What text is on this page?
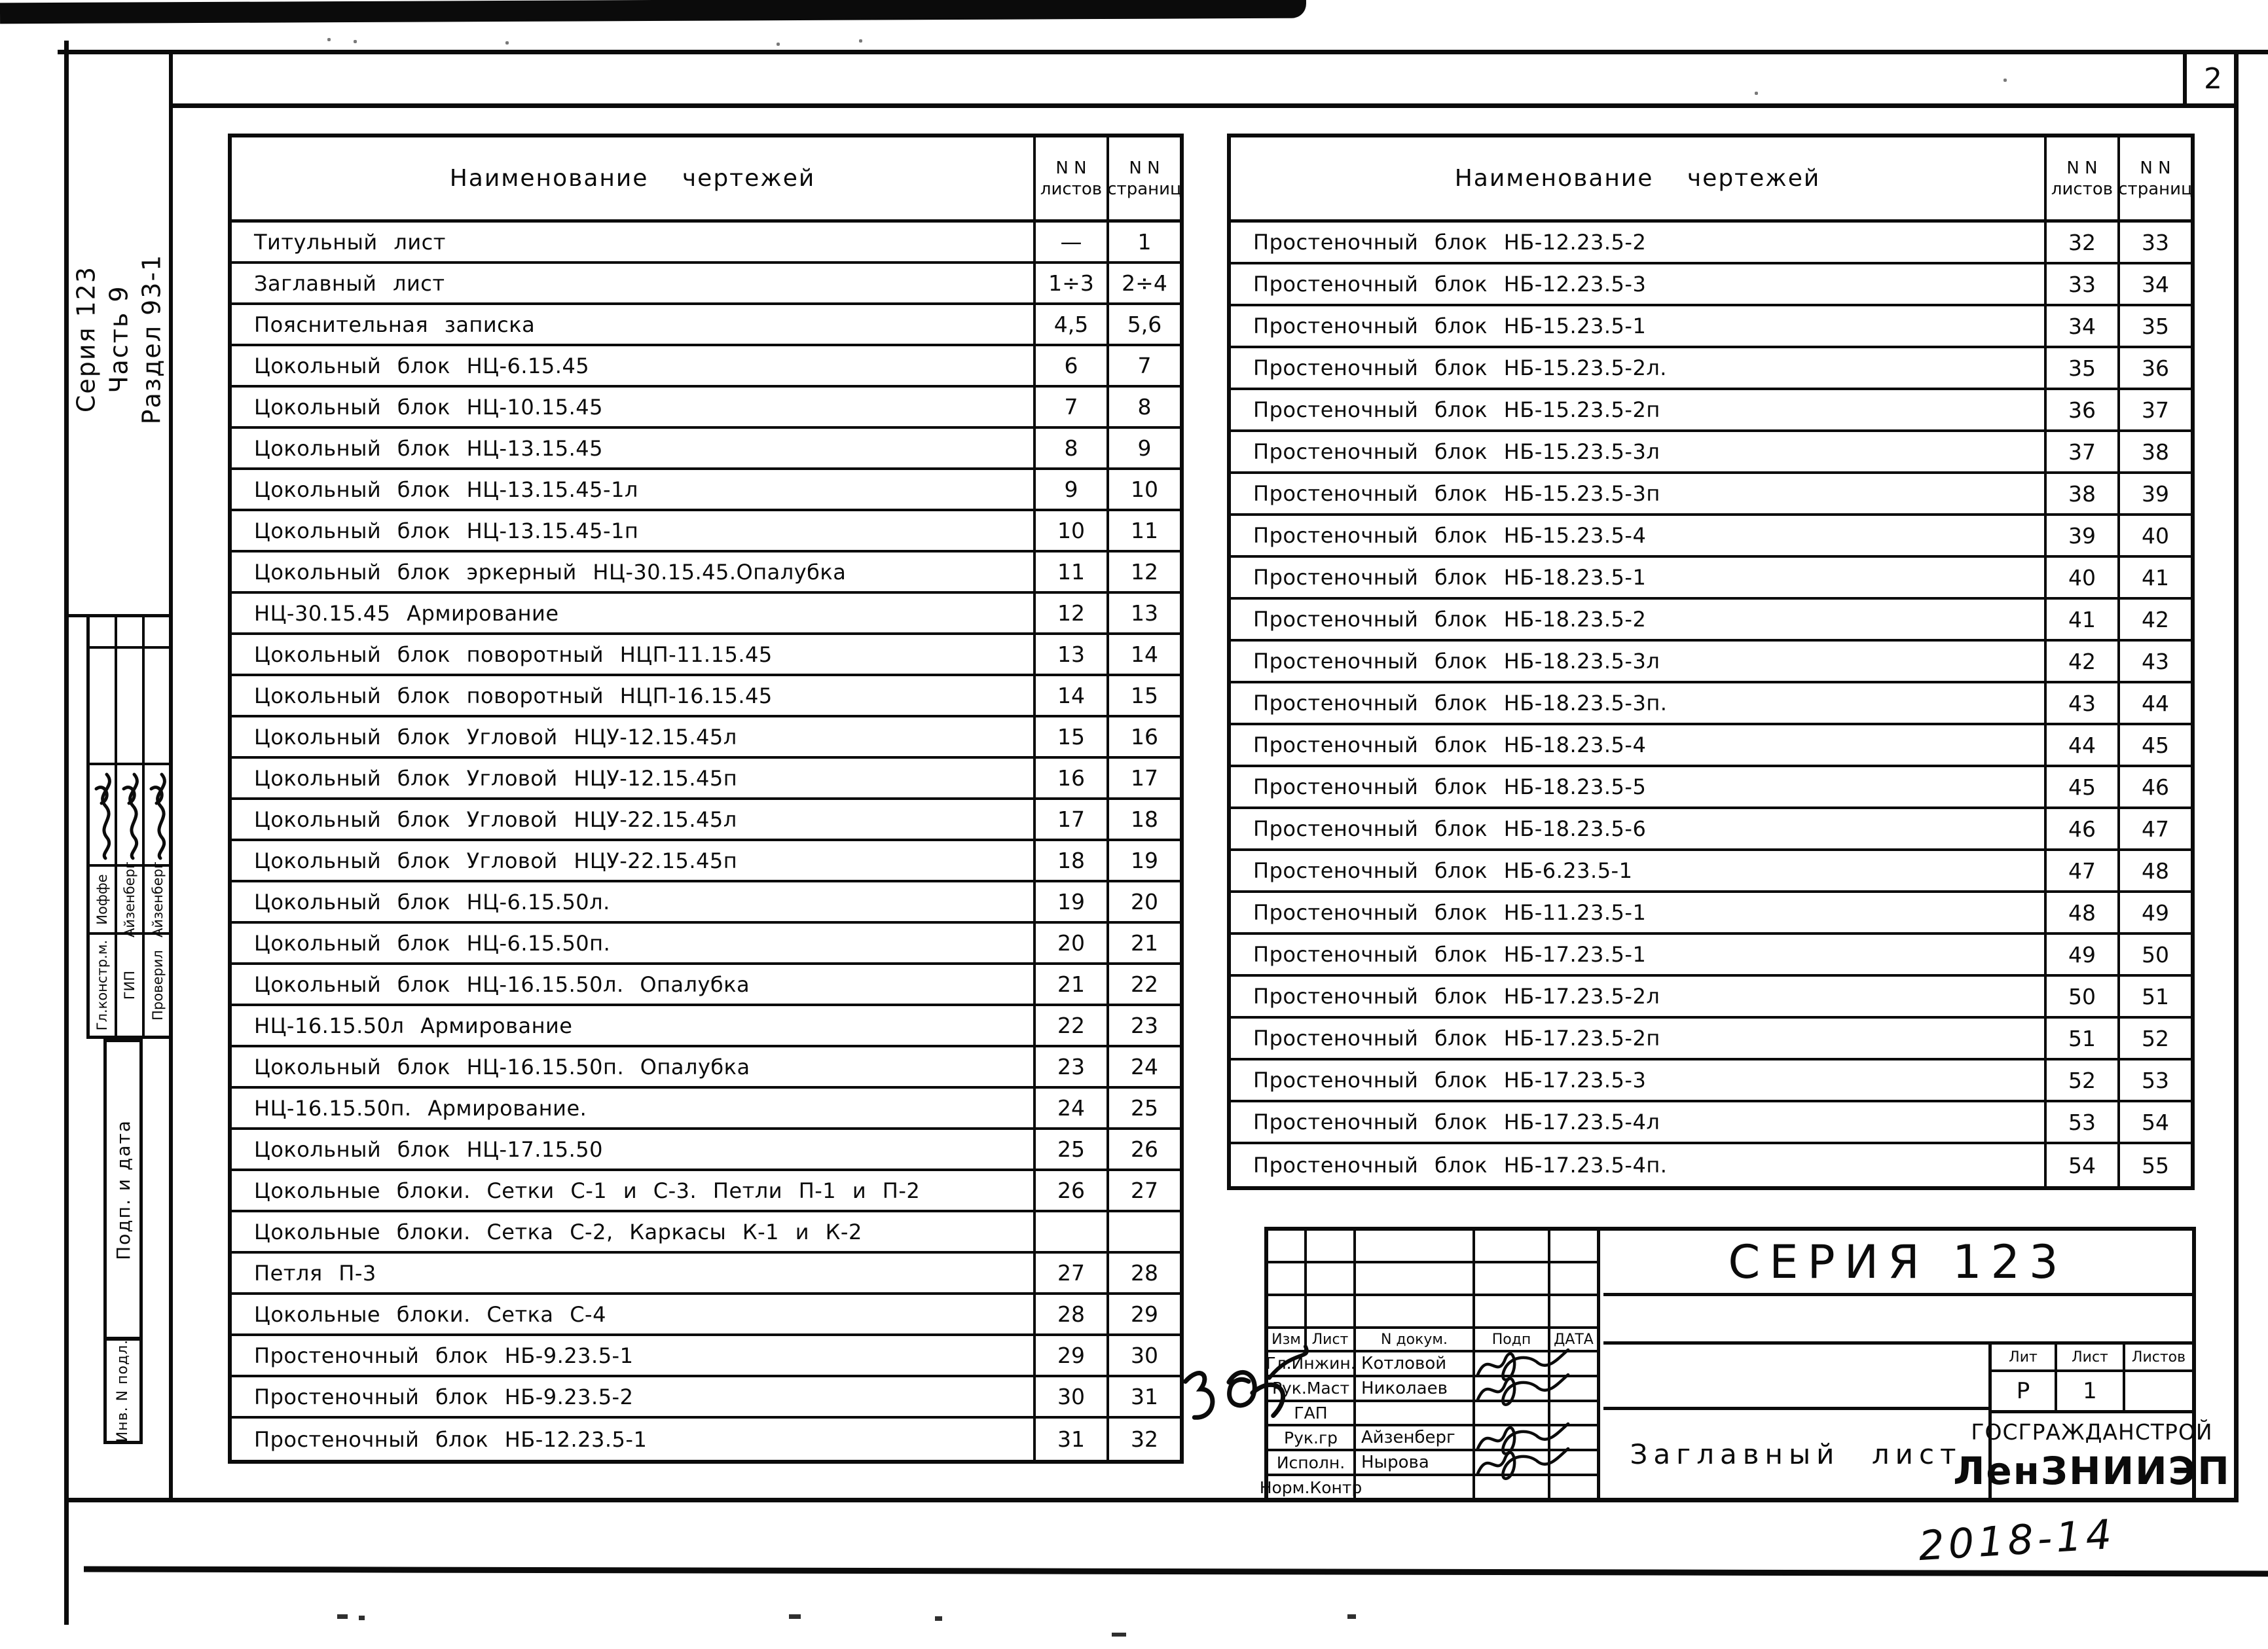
2
Серия 123 Часть 9 Раздел 93-1
Иоффе
Гл.констр.м.
Айзенберг
ГИП
Айзенберг
Проверил
Подп. и дата
Инв. N подл.
Наименование чертежей	N N
листов
N N
страниц
Титульный лист	—	1
Заглавный лист	1÷3	2÷4
Пояснительная записка	4,5	5,6
Цокольный блок НЦ-6.15.45	6	7
Цокольный блок НЦ-10.15.45	7	8
Цокольный блок НЦ-13.15.45	8	9
Цокольный блок НЦ-13.15.45-1л	9	10
Цокольный блок НЦ-13.15.45-1п	10	11
Цокольный блок эркерный НЦ-30.15.45.Опалубка	11	12
НЦ-30.15.45 Армирование	12	13
Цокольный блок поворотный НЦП-11.15.45	13	14
Цокольный блок поворотный НЦП-16.15.45	14	15
Цокольный блок Угловой НЦУ-12.15.45л	15	16
Цокольный блок Угловой НЦУ-12.15.45п	16	17
Цокольный блок Угловой НЦУ-22.15.45л	17	18
Цокольный блок Угловой НЦУ-22.15.45п	18	19
Цокольный блок НЦ-6.15.50л.	19	20
Цокольный блок НЦ-6.15.50п.	20	21
Цокольный блок НЦ-16.15.50л. Опалубка	21	22
НЦ-16.15.50л Армирование	22	23
Цокольный блок НЦ-16.15.50п. Опалубка	23	24
НЦ-16.15.50п. Армирование.	24	25
Цокольный блок НЦ-17.15.50	25	26
Цокольные блоки. Сетки С-1 и С-3. Петли П-1 и П-2	26	27
Цокольные блоки. Сетка С-2, Каркасы К-1 и К-2
Петля П-3	27	28
Цокольные блоки. Сетка С-4	28	29
Простеночный блок НБ-9.23.5-1	29	30
Простеночный блок НБ-9.23.5-2	30	31
Простеночный блок НБ-12.23.5-1	31	32
Наименование чертежей	N N
листов
N N
страниц
Простеночный блок НБ-12.23.5-2	32	33
Простеночный блок НБ-12.23.5-3	33	34
Простеночный блок НБ-15.23.5-1	34	35
Простеночный блок НБ-15.23.5-2л.	35	36
Простеночный блок НБ-15.23.5-2п	36	37
Простеночный блок НБ-15.23.5-3л	37	38
Простеночный блок НБ-15.23.5-3п	38	39
Простеночный блок НБ-15.23.5-4	39	40
Простеночный блок НБ-18.23.5-1	40	41
Простеночный блок НБ-18.23.5-2	41	42
Простеночный блок НБ-18.23.5-3л	42	43
Простеночный блок НБ-18.23.5-3п.	43	44
Простеночный блок НБ-18.23.5-4	44	45
Простеночный блок НБ-18.23.5-5	45	46
Простеночный блок НБ-18.23.5-6	46	47
Простеночный блок НБ-6.23.5-1	47	48
Простеночный блок НБ-11.23.5-1	48	49
Простеночный блок НБ-17.23.5-1	49	50
Простеночный блок НБ-17.23.5-2л	50	51
Простеночный блок НБ-17.23.5-2п	51	52
Простеночный блок НБ-17.23.5-3	52	53
Простеночный блок НБ-17.23.5-4л	53	54
Простеночный блок НБ-17.23.5-4п.	54	55
Изм Лист	N докум.	Подп	ДАТА
Гл.Инжин. Котловой
Рук.Маст Николаев
ГАП
Рук.гр	Айзенберг
Исполн. Нырова
Норм.Контр
СЕРИЯ 123
Заглавный лист
Лит	Лист	Листов
Р	1
ГОСГРАЖДАНСТРОЙ
ЛенЗНИИЭП
2018-14
